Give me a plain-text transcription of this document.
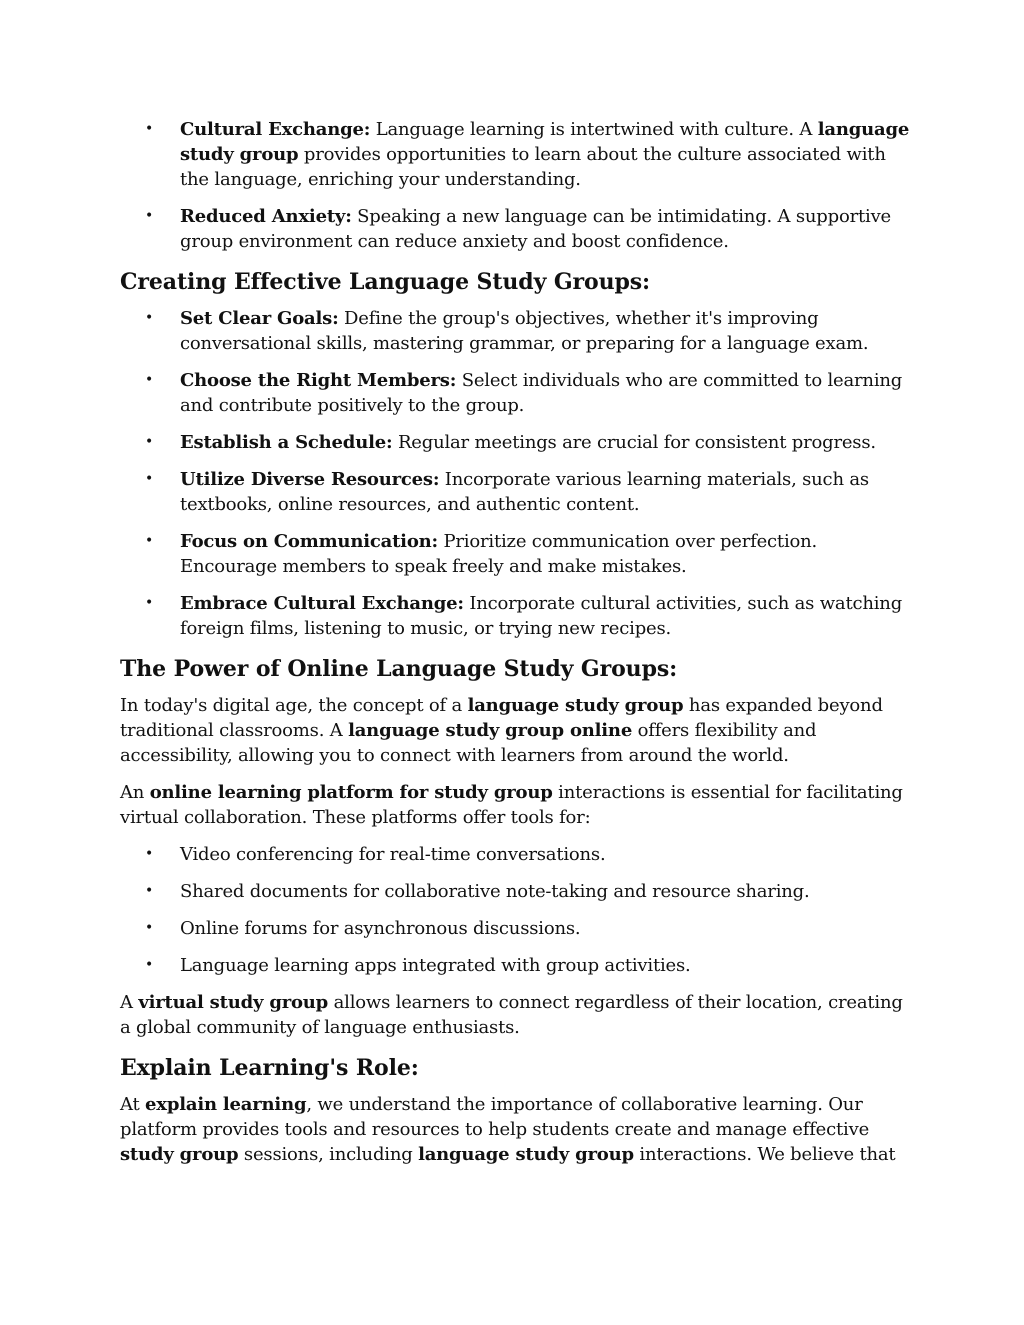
• Cultural Exchange: Language learning is intertwined with culture. A language study group provides opportunities to learn about the culture associated with the language, enriching your understanding.
• Reduced Anxiety: Speaking a new language can be intimidating. A supportive group environment can reduce anxiety and boost confidence.
Creating Effective Language Study Groups:
• Set Clear Goals: Define the group's objectives, whether it's improving conversational skills, mastering grammar, or preparing for a language exam.
• Choose the Right Members: Select individuals who are committed to learning and contribute positively to the group.
• Establish a Schedule: Regular meetings are crucial for consistent progress.
• Utilize Diverse Resources: Incorporate various learning materials, such as textbooks, online resources, and authentic content.
• Focus on Communication: Prioritize communication over perfection. Encourage members to speak freely and make mistakes.
• Embrace Cultural Exchange: Incorporate cultural activities, such as watching foreign films, listening to music, or trying new recipes.
The Power of Online Language Study Groups:

In today's digital age, the concept of a language study group has expanded beyond traditional classrooms. A language study group online offers flexibility and accessibility, allowing you to connect with learners from around the world.

An online learning platform for study group interactions is essential for facilitating virtual collaboration. These platforms offer tools for:

• Video conferencing for real-time conversations.
• Shared documents for collaborative note-taking and resource sharing.
• Online forums for asynchronous discussions.
• Language learning apps integrated with group activities.

A virtual study group allows learners to connect regardless of their location, creating a global community of language enthusiasts.

Explain Learning's Role:

At explain learning, we understand the importance of collaborative learning. Our platform provides tools and resources to help students create and manage effective study group sessions, including language study group interactions. We believe that
